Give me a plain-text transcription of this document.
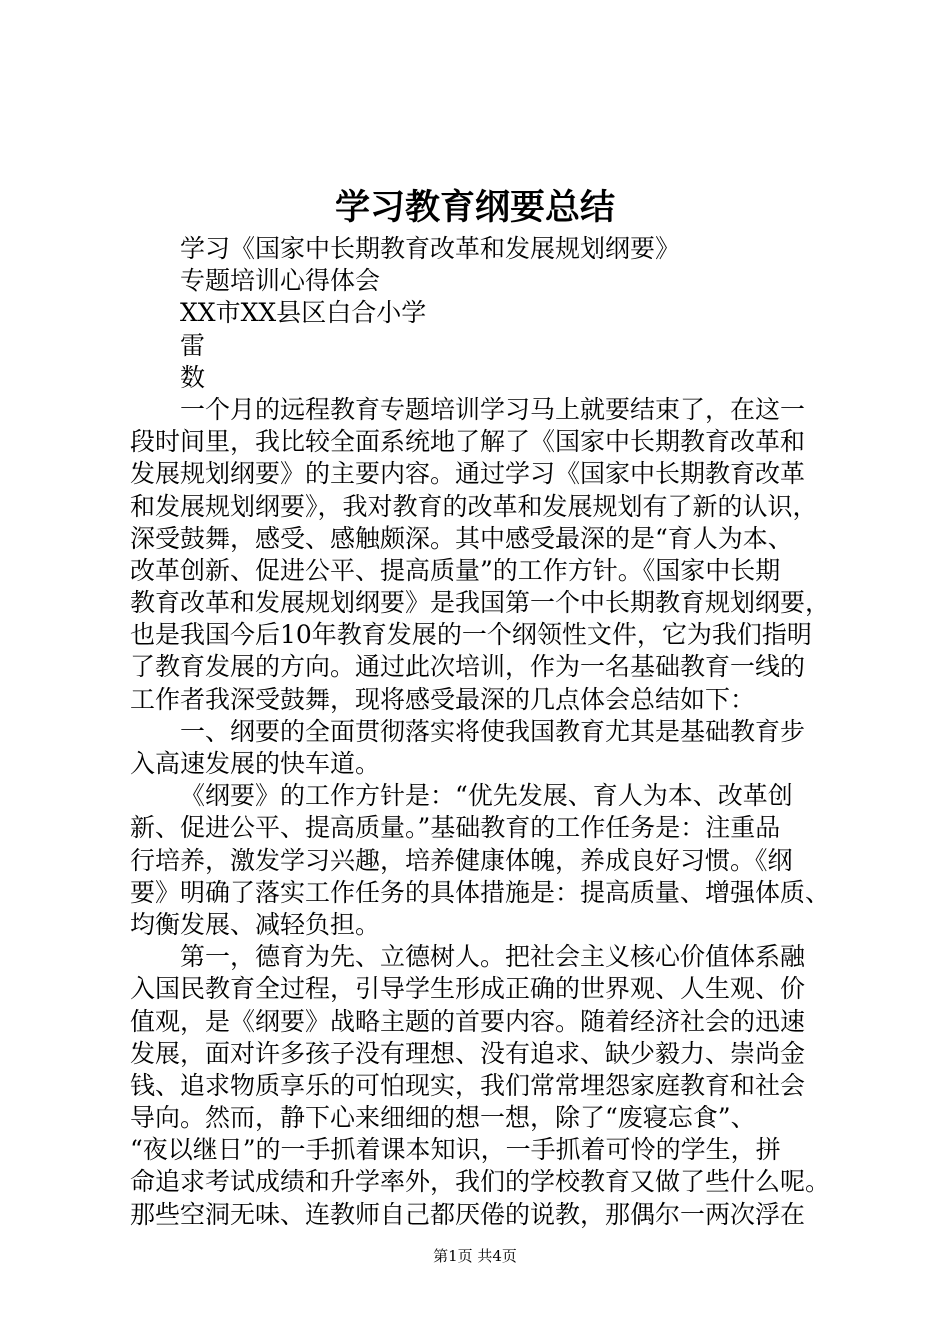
学习教育纲要总结
学习《国家中长期教育改革和发展规划纲要》
专题培训心得体会
XX市XX县区白合小学
雷
数
一个月的远程教育专题培训学习马上就要结束了，在这一
段时间里，我比较全面系统地了解了《国家中长期教育改革和
发展规划纲要》的主要内容。通过学习《国家中长期教育改革
和发展规划纲要》，我对教育的改革和发展规划有了新的认识，
深受鼓舞，感受、感触颇深。其中感受最深的是“育人为本、
改革创新、促进公平、提高质量”的工作方针。《国家中长期
教育改革和发展规划纲要》是我国第一个中长期教育规划纲要，
也是我国今后10年教育发展的一个纲领性文件，它为我们指明
了教育发展的方向。通过此次培训，作为一名基础教育一线的
工作者我深受鼓舞，现将感受最深的几点体会总结如下：
一、纲要的全面贯彻落实将使我国教育尤其是基础教育步
入高速发展的快车道。
《纲要》的工作方针是：“优先发展、育人为本、改革创
新、促进公平、提高质量。”基础教育的工作任务是：注重品
行培养，激发学习兴趣，培养健康体魄，养成良好习惯。《纲
要》明确了落实工作任务的具体措施是：提高质量、增强体质、
均衡发展、减轻负担。
第一，德育为先、立德树人。把社会主义核心价值体系融
入国民教育全过程，引导学生形成正确的世界观、人生观、价
值观，是《纲要》战略主题的首要内容。随着经济社会的迅速
发展，面对许多孩子没有理想、没有追求、缺少毅力、崇尚金
钱、追求物质享乐的可怕现实，我们常常埋怨家庭教育和社会
导向。然而，静下心来细细的想一想，除了“废寝忘食”、
“夜以继日”的一手抓着课本知识，一手抓着可怜的学生，拼
命追求考试成绩和升学率外，我们的学校教育又做了些什么呢。
那些空洞无味、连教师自己都厌倦的说教，那偶尔一两次浮在
第1页 共4页
